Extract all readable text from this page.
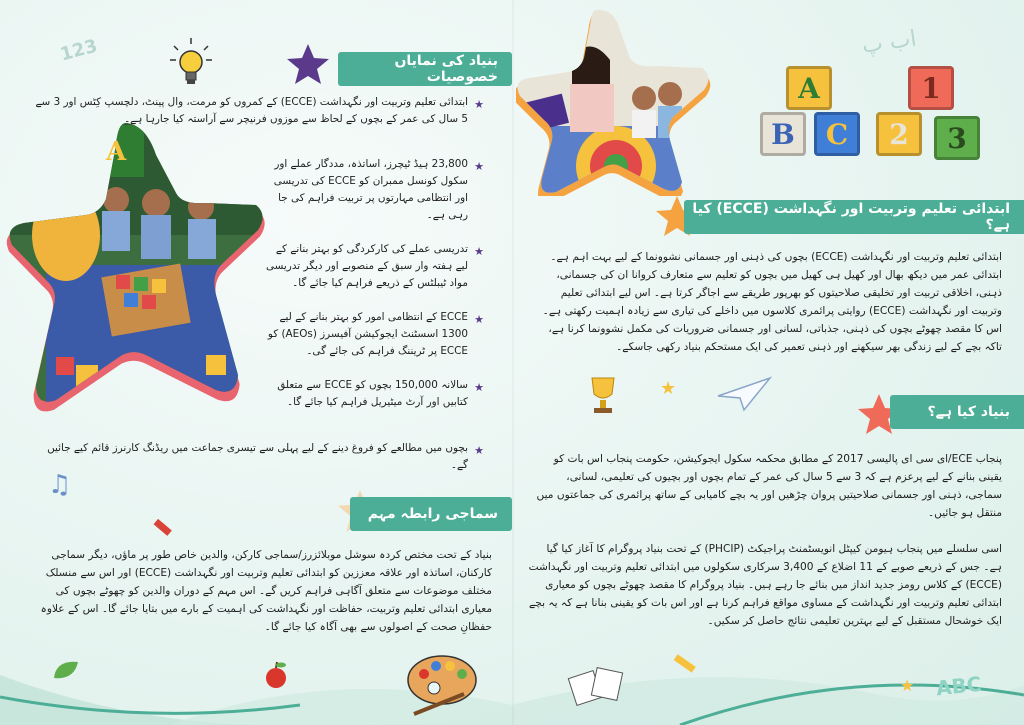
123	بنیاد کی نمایاں خصوصیات
A
★
ابتدائی تعلیم وتربیت اور نگہداشت (ECCE) کے کمروں کو مرمت، وال پینٹ، دلچسپ کِٹس اور 3 سے 5 سال کی عمر کے بچوں کے لحاظ سے موزوں فرنیچر سے آراستہ کیا جارہا ہے۔
★
23,800 ہیڈ ٹیچرز، اساتذہ، مددگار عملے اور سکول کونسل ممبران کو ECCE کی تدریسی اور انتظامی مہارتوں پر تربیت فراہم کی جا رہی ہے۔
★
تدریسی عملے کی کارکردگی کو بہتر بنانے کے لیے ہفتہ وار سبق کے منصوبے اور دیگر تدریسی مواد ٹیبلٹس کے ذریعے فراہم کیا جائے گا۔
★
ECCE کے انتظامی امور کو بہتر بنانے کے لیے 1300 اسسٹنٹ ایجوکیشن آفیسرز (AEOs) کو ECCE پر ٹریننگ فراہم کی جائے گی۔
★
سالانہ 150,000 بچوں کو ECCE سے متعلق کتابیں اور آرٹ میٹیریل فراہم کیا جائے گا۔
★
بچوں میں مطالعے کو فروغ دینے کے لیے پہلی سے تیسری جماعت میں ریڈنگ کارنرز قائم کیے جائیں گے۔
♫
سماجی رابطہ مہم
بنیاد کے تحت مختص کردہ سوشل موبلائزرز/سماجی کارکن، والدین خاص طور پر ماؤں، دیگر سماجی کارکنان، اساتذہ اور علاقہ معززین کو ابتدائی تعلیم وتربیت اور نگہداشت (ECCE) اور اس سے منسلک مختلف موضوعات سے متعلق آگاہی فراہم کریں گے۔ اس مہم کے دوران والدین کو چھوٹے بچوں کی معیاری ابتدائی تعلیم وتربیت، حفاظت اور نگہداشت کی اہمیت کے بارے میں بتایا جائے گا۔ اس کے علاوہ حفظانِ صحت کے اصولوں سے بھی آگاہ کیا جائے گا۔
اب پ
A	1
B	C	2	3
ابتدائی تعلیم وتربیت اور نگہداشت (ECCE) کیا ہے؟
ابتدائی تعلیم وتربیت اور نگہداشت (ECCE) بچوں کی ذہنی اور جسمانی نشوونما کے لیے بہت اہم ہے۔ ابتدائی عمر میں دیکھ بھال اور کھیل ہی کھیل میں بچوں کو تعلیم سے متعارف کروانا ان کی جسمانی، ذہنی، اخلاقی تربیت اور تخلیقی صلاحیتوں کو بھرپور طریقے سے اجاگر کرتا ہے۔ اس لیے ابتدائی تعلیم وتربیت اور نگہداشت (ECCE) روایتی پرائمری کلاسوں میں داخلے کی تیاری سے زیادہ اہمیت رکھتی ہے۔ اس کا مقصد چھوٹے بچوں کی ذہنی، جذباتی، لسانی اور جسمانی ضروریات کی مکمل نشوونما کرنا ہے، تاکہ بچے کے لیے زندگی بھر سیکھنے اور ذہنی تعمیر کی ایک مستحکم بنیاد رکھی جاسکے۔
★
بنیاد کیا ہے؟
پنجاب ECE/ای سی ای پالیسی 2017 کے مطابق محکمہ سکول ایجوکیشن، حکومت پنجاب اس بات کو یقینی بنانے کے لیے پرعزم ہے کہ 3 سے 5 سال کی عمر کے تمام بچوں اور بچیوں کی تعلیمی، لسانی، سماجی، ذہنی اور جسمانی صلاحیتیں پروان چڑھیں اور یہ بچے کامیابی کے ساتھ پرائمری کی جماعتوں میں منتقل ہو جائیں۔
اسی سلسلے میں پنجاب ہیومن کیپٹل انویسٹمنٹ پراجیکٹ (PHCIP) کے تحت بنیاد پروگرام کا آغاز کیا گیا ہے۔ جس کے ذریعے صوبے کے 11 اضلاع کے 3,400 سرکاری سکولوں میں ابتدائی تعلیم وتربیت اور نگہداشت (ECCE) کے کلاس رومز جدید انداز میں بنائے جا رہے ہیں۔ بنیاد پروگرام کا مقصد چھوٹے بچوں کو معیاری ابتدائی تعلیم وتربیت اور نگہداشت کے مساوی مواقع فراہم کرنا ہے اور اس بات کو یقینی بنانا ہے کہ یہ بچے ایک خوشحال مستقبل کے لیے بہترین تعلیمی نتائج حاصل کر سکیں۔
★ ABC
